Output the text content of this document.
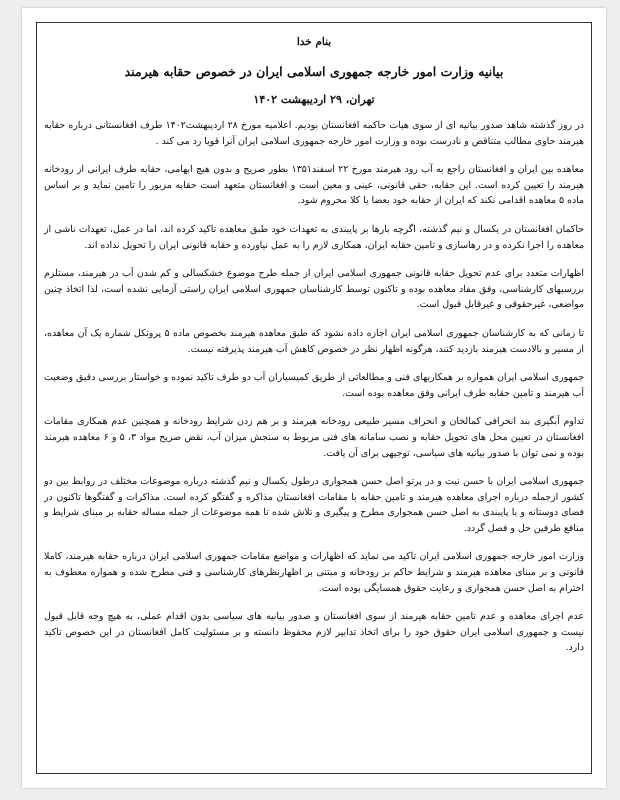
بنام خدا
بیانیه وزارت امور خارجه جمهوری اسلامی ایران در خصوص حقابه هیرمند
تهران، ۲۹ اردیبهشت ۱۴۰۲

در روز گذشته شاهد صدور بیانیه ای از سوی هیات حاکمه افغانستان بودیم. اعلامیه مورخ ۲۸ اردیبهشت۱۴۰۲ طرف افغانستانی درباره حقابه هیرمند حاوی مطالب متناقض و نادرست بوده و وزارت امور خارجه جمهوری اسلامی ایران آنرا قویا رد می کند .

معاهده بین ایران و افغانستان راجع به آب رود هیرمند مورخ ۲۲ اسفند۱۳۵۱ بطور صریح و بدون هیچ ابهامی، حقابه طرف ایرانی از رودخانه هیرمند را تعیین کرده است. این حقابه، حقی قانونی، عینی و معین است و افغانستان متعهد است حقابه مزبور را تامین نماید و بر اساس ماده ۵ معاهده اقدامی نکند که ایران از حقابه خود بعضا یا کلا محروم شود.

حاکمان افغانستان در یکسال و نیم گذشته، اگرچه بارها بر پایبندی به تعهدات خود طبق معاهده تاکید کرده اند، اما در عمل، تعهدات ناشی از معاهده را اجرا نکرده و در رهاسازی و تامین حقابه ایران، همکاری لازم را به عمل نیاورده و حقابه قانونی ایران را تحویل نداده اند.

اظهارات متعدد برای عدم تحویل حقابه قانونی جمهوری اسلامی ایران از جمله طرح موضوع خشکسالی و کم شدن آب در هیرمند، مستلزم بررسیهای کارشناسی، وفق مفاد معاهده بوده و تاکنون توسط کارشناسان جمهوری اسلامی ایران راستی آزمایی نشده است، لذا اتخاذ چنین مواضعی، غیرحقوقی و غیرقابل قبول است.

تا زمانی که به کارشناسان جمهوری اسلامی ایران اجازه داده نشود که طبق معاهده هیرمند بخصوص ماده ۵ پروتکل شماره یک آن معاهده، از مسیر و بالادست هیرمند بازدید کنند، هرگونه اظهار نظر در خصوص کاهش آب هیرمند پذیرفته نیست.

جمهوری اسلامی ایران همواره بر همکاریهای فنی و مطالعاتی از طریق کمیسیاران آب دو طرف تاکید نموده و خواستار بررسی دقیق وضعیت آب هیرمند و تامین حقابه طرف ایرانی وفق معاهده بوده است.

تداوم آبگیری بند انحرافی کمالخان و انحراف مسیر طبیعی رودخانه هیرمند و بر هم زدن شرایط رودخانه و همچنین عدم همکاری مقامات افغانستان در تعیین محل های تحویل حقابه و نصب سامانه های فنی مربوط به سنجش میزان آب، نقض صریح مواد ۳، ۵ و ۶ معاهده هیرمند بوده و نمی توان با صدور بیانیه های سیاسی، توجیهی برای آن یافت.

جمهوری اسلامی ایران با حسن نیت و در پرتو اصل حسن همجواری درطول یکسال و نیم گذشته درباره موضوعات مختلف در روابط بین دو کشور ازجمله درباره اجرای معاهده هیرمند و تامین حقابه با مقامات افغانستان مذاکره و گفتگو کرده است. مذاکرات و گفتگوها تاکنون در فضای دوستانه و با پایبندی به اصل حسن همجواری مطرح و پیگیری و تلاش شده تا همه موضوعات از جمله مساله حقابه بر مبنای شرایط و منافع طرفین حل و فصل گردد.

وزارت امور خارجه جمهوری اسلامی ایران تاکید می نماید که اظهارات و مواضع مقامات جمهوری اسلامی ایران درباره حقابه هیرمند، کاملا قانونی و بر مبنای معاهده هیرمند و شرایط حاکم بر رودخانه و مبتنی بر اظهارنظرهای کارشناسی و فنی مطرح شده و همواره معطوف به احترام به اصل حسن همجواری و رعایت حقوق همسایگی بوده است.

عدم اجرای معاهده و عدم تامین حقابه هیرمند از سوی افغانستان و صدور بیانیه های سیاسی بدون اقدام عملی، به هیچ وجه قابل قبول نیست و جمهوری اسلامی ایران حقوق خود را برای اتخاذ تدابیر لازم محفوظ دانسته و بر مسئولیت کامل افغانستان در این خصوص تاکید دارد.
